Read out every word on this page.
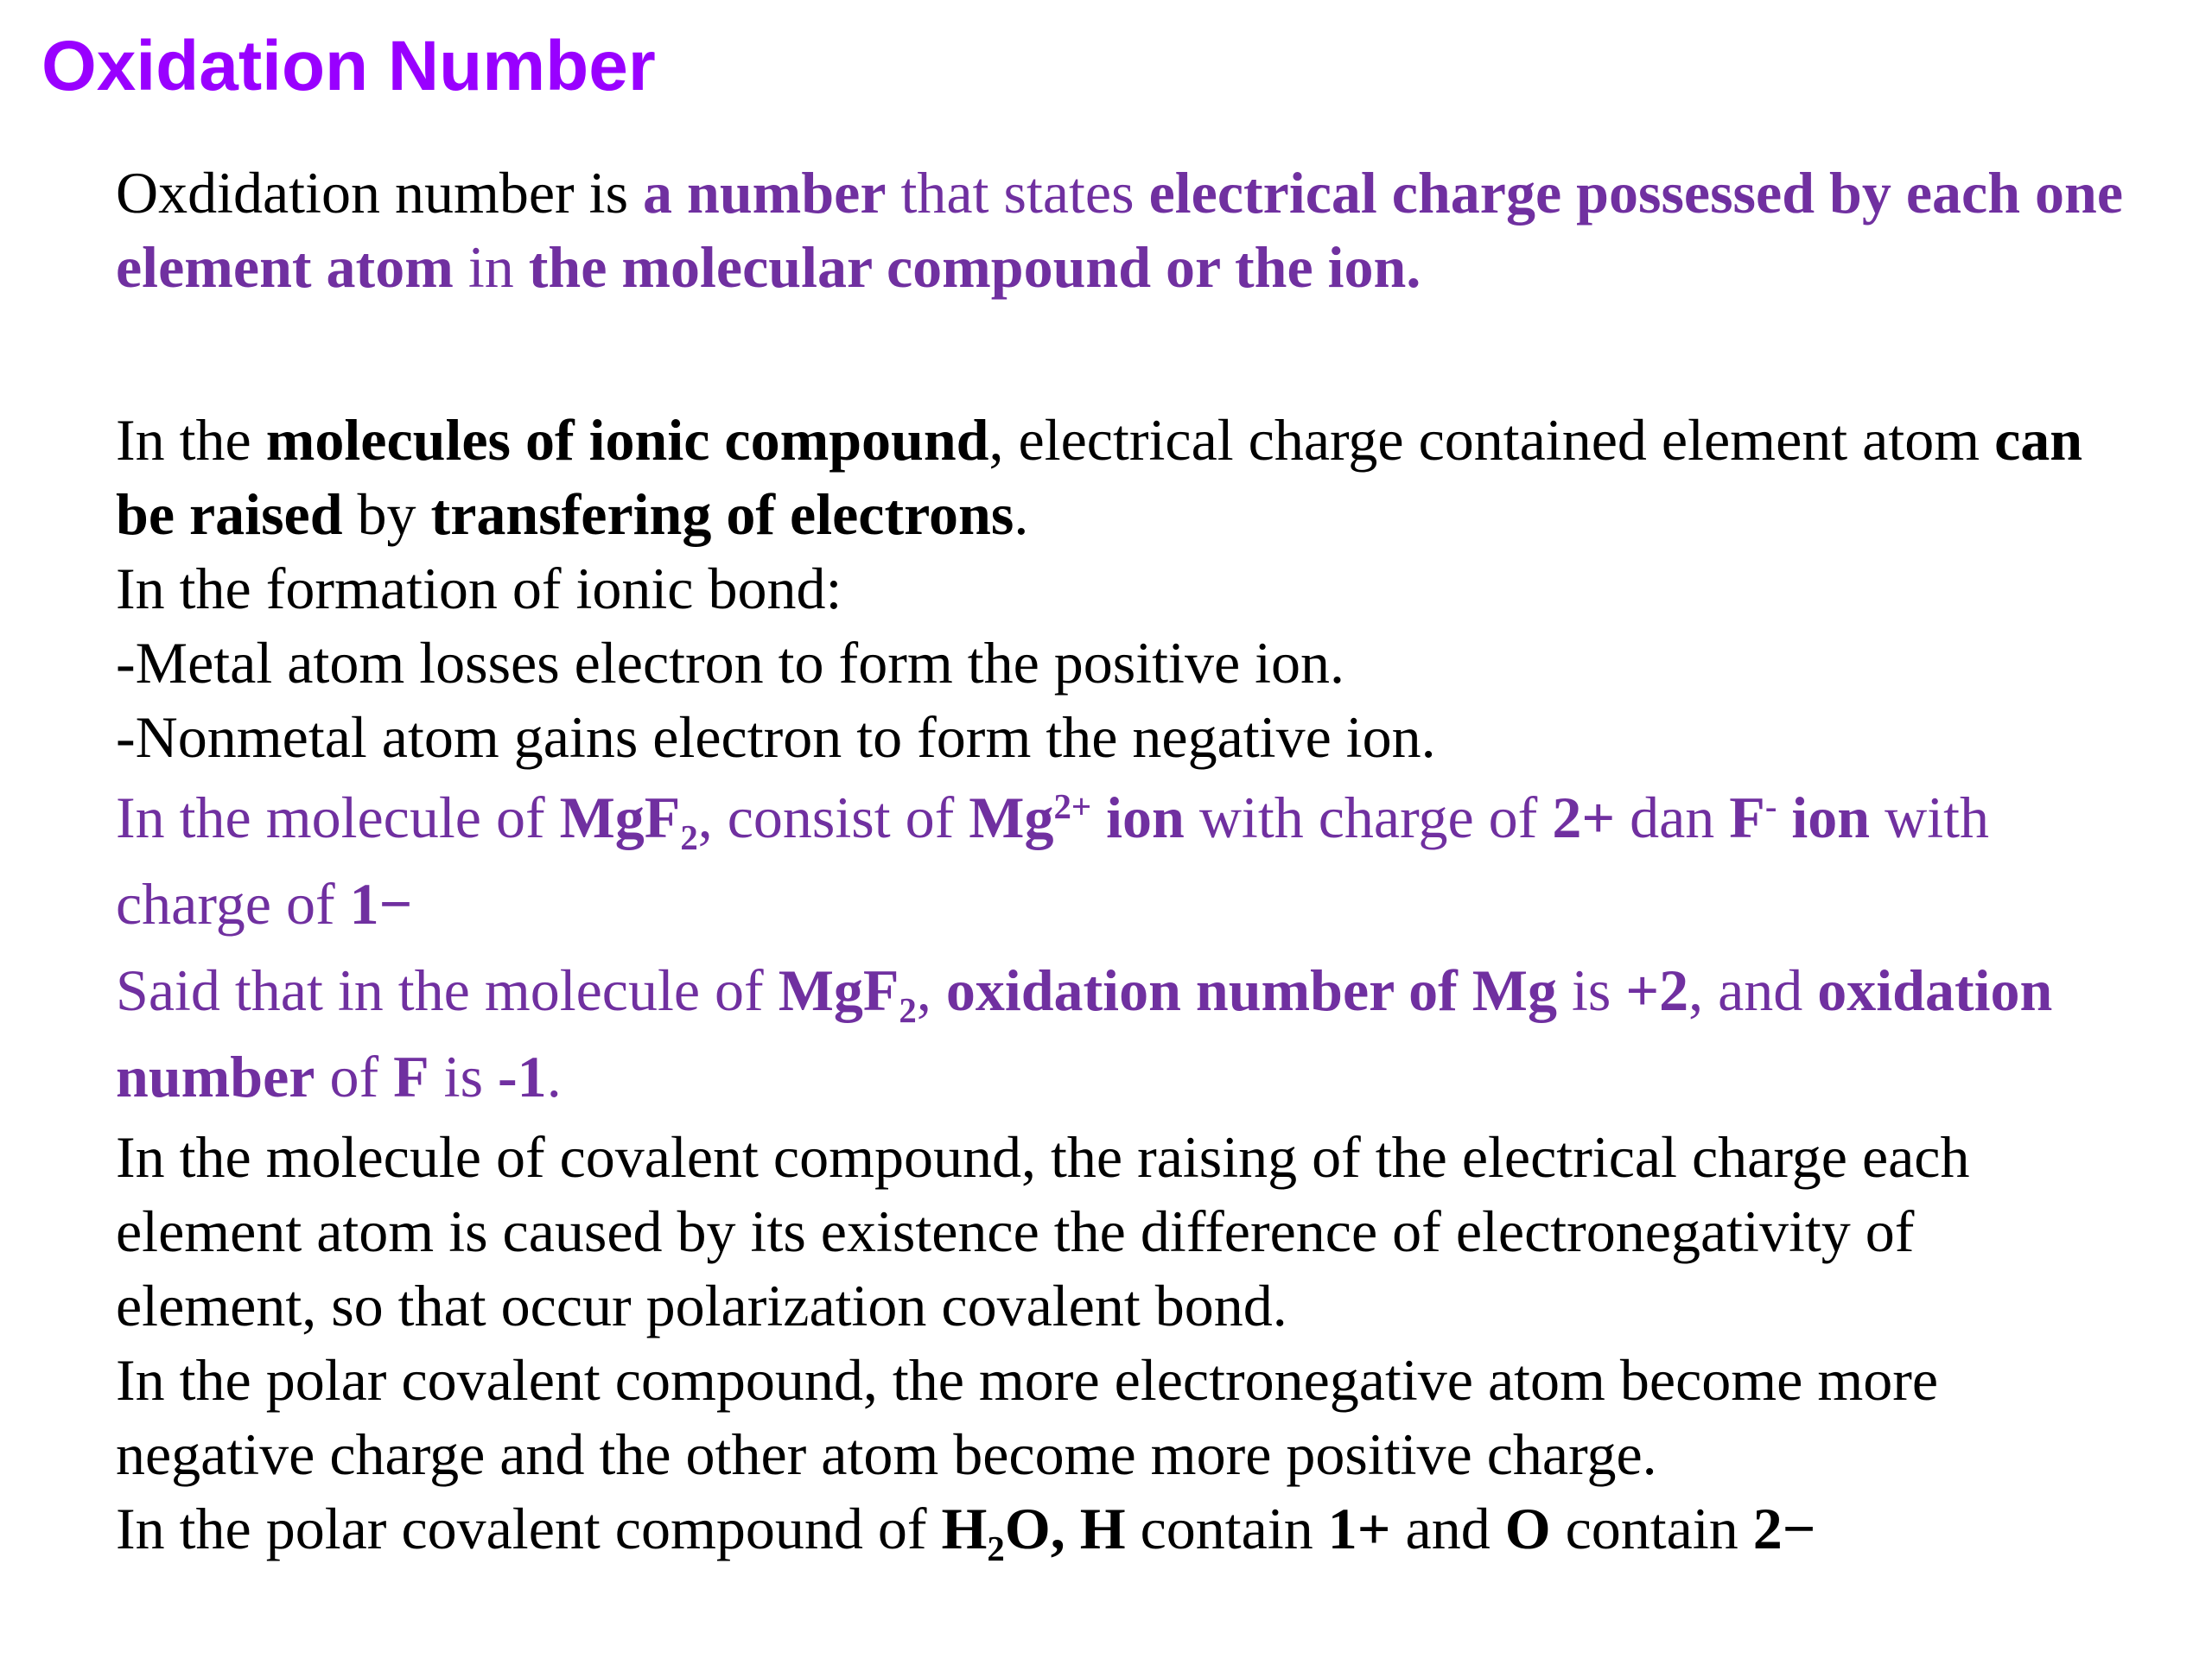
Oxidation Number
Oxdidation number is a number that states electrical charge possessed by each one element atom in the molecular compound or the ion.
In the molecules of ionic compound, electrical charge contained element atom can
be raised by transfering of electrons.
In the formation of ionic bond:
-Metal atom losses electron to form the positive ion.
-Nonmetal atom gains electron to form the negative ion.
In the molecule of MgF$_2$, consist of $Mg^{2+}$ ion with charge of 2+ dan F- ion with
charge of 1−
Said that in the molecule of MgF$_2$, oxidation number of Mg is +2, and oxidation
number of F is -1.
In the molecule of covalent compound, the raising of the electrical charge each
element atom is caused by its existence the difference of electronegativity of
element, so that occur polarization covalent bond.
In the polar covalent compound, the more electronegative atom become more
negative charge and the other atom become more positive charge.
In the polar covalent compound of $H_2O$, H contain 1+ and O contain 2−
